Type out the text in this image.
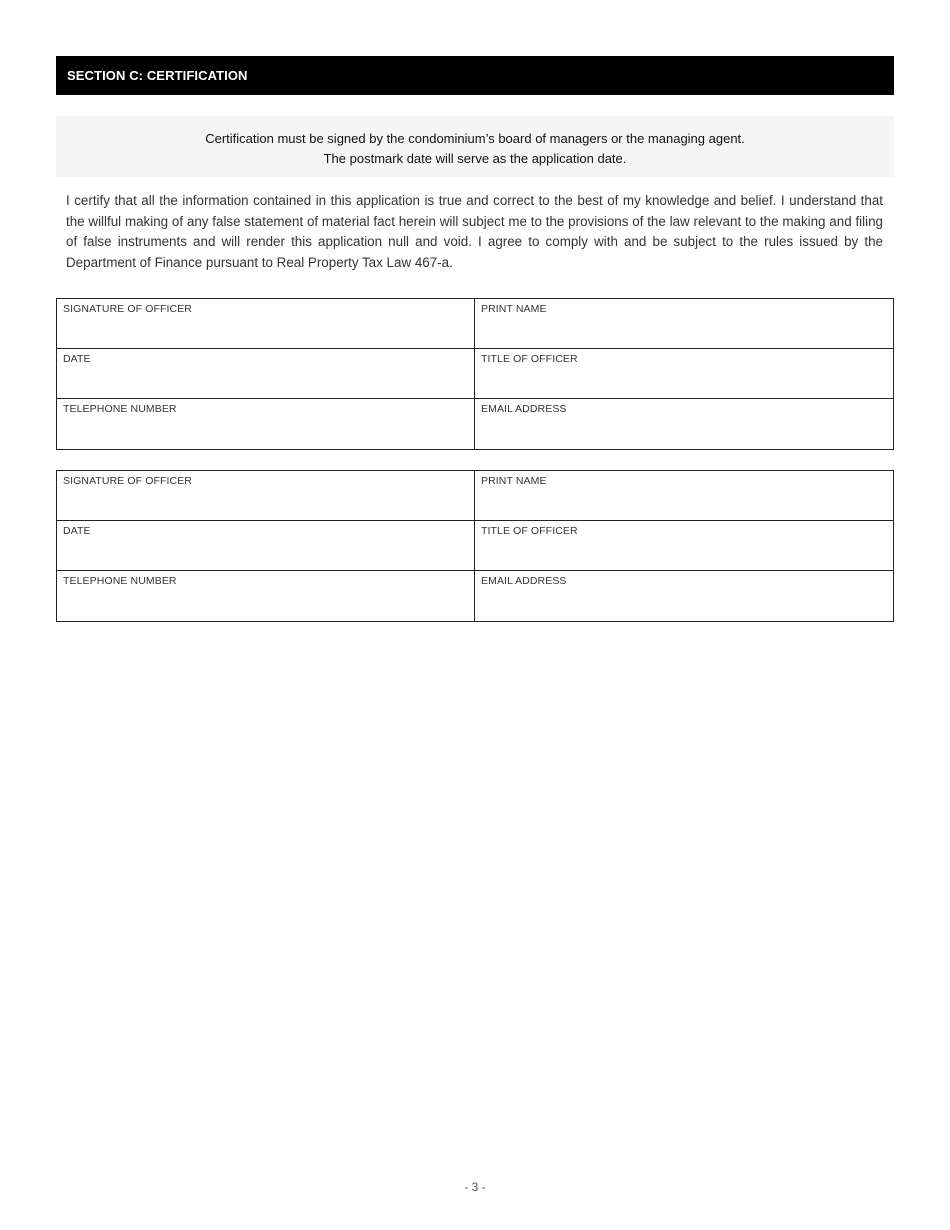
SECTION C: CERTIFICATION
Certification must be signed by the condominium’s board of managers or the managing agent.
The postmark date will serve as the application date.

I certify that all the information contained in this application is true and correct to the best of my knowledge and belief. I understand that the willful making of any false statement of material fact herein will subject me to the provisions of the law relevant to the making and filing of false instruments and will render this application null and void. I agree to comply with and be subject to the rules issued by the Department of Finance pursuant to Real Property Tax Law 467-a.

SIGNATURE OF OFFICER	PRINT NAME
DATE	TITLE OF OFFICER
TELEPHONE NUMBER	EMAIL ADDRESS
SIGNATURE OF OFFICER	PRINT NAME
DATE	TITLE OF OFFICER
TELEPHONE NUMBER	EMAIL ADDRESS
- 3 -
